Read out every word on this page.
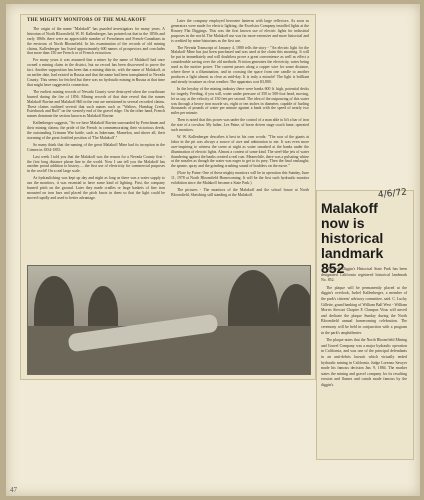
THE MIGHTY MONITORS OF THE MALAKOFF

The origin of the name "Malakoff" has puzzled investigators for many years. A historian of North Bloomfield, W. H. Kallenberger, has pointed out that in the 1850s and early 1860s there were an appreciable number of Frenchmen and French-Canadians in the environs of North Bloomfield. In his examination of the records of old mining claims, Kallenberger has listed approximately 600 names of prospectors and concludes that more than 150 are French or of French extraction.

For many years it was assumed that a miner by the name of Malakoff had once owned a mining claim in the district, but no record has been discovered to prove the fact. Another supposition has been that a mining district, with the name of Malakoff, at an earlier date, had existed in Russia and that the name had been transplanted to Nevada County. This seems far fetched but there was no hydraulic mining in Russia at that time that might have suggested a connection.

The earliest mining records of Nevada County were destroyed when the courthouse burned during the fire of 1856. Mining records of that date reveal that the names Malakoff Ravine and Malakoff Hill in the east are mentioned in several recorded claims. These claims outlined several that such names such as "Walters, Humbug Creek, Esterbrook and Ruff" on the westerly end of the gravel ridge. On the other hand, French names dominate the section known as Malakoff Ravine.

Kallenberger suggests, "So we have Malakoff Ravine surrounded by Frenchmen and their mining claims; the pride of the French in commemorating their victorious deeds, the outstanding Crimean War battle, such as Inkerman, Mamelon, and above all, their storming of the great fortified position of 'The Malakoff'."

So many think that the naming of the great Malakoff Mine had its inception in the Crimea in 1854-1855.

Last week I told you that the Malakoff was the reason for a Nevada County first - the first long distance phone line in the world. Now I can tell you the Malakoff has another proud addition to history......the first use of electricity for commercial purposes in the world! On a real large scale.

As hydraulicking was kept up day and night as long as there was a water supply to run the monitors, it was essential to have some kind of lighting. First, the company burned pitch on the ground. Later they made cradles or large baskets of fine iron mounted on iron bars and placed the pitch knots in them so that the light could be moved rapidly and used to better advantage.

Later the company employed kerosene lanterns with large reflectors. As soon as generators were made for electric lighting, the Excelsior Company installed lights at the Rosney Flat Diggings. This was the first known use of electric lights for industrial purposes in the world. The Malakoff use was far more extensive and more historical and is credited by mine historians as the first use.

The Nevada Transcript of January 4, 1880 tells the story - "An electric light for the Malakoff Mine has just been purchased and was used at the claim this morning. It will be put in immediately and will doubtless prove a great convenience as well as effect a considerable saving over the old methods. Friction generates the electricity, water being used as the motive power. The current passes along a copper wire for some distance, where there is a illumination, and in crossing the space from one candle to another produces a light almost as clear as mid-day. It is truly a miracle! The light is brilliant and steady in nature as clear weather. The apparatus cost $3,800.

In the heyday of the mining industry there were banks 600 ft. high, potential decks for tragedy. Feeding, if you will, water under pressure of 350 to 500-foot head, moving, let us say, at the velocity of 150 feet per second. The idea of the outpouring of this water was through a heavy iron nozzle six, eight or ten inches in diameter, capable of hurling thousands of pounds of water per minute against a bank with the speed of nearly two miles per minute.

Then is noted that this power was under the control of a man able to lift a bar of iron the size of a crowbar. My father, Les Paine, of horse driven stage coach fame, operated such monitors.

W. W. Kallenberger describes it best in his own words: "The roar of the giants at labor in the pit was always a source of awe and admiration to me. It was even more awe-inspiring to witness the scene at night as water smashed at the banks under the illumination of electric lights. Almost a contest of some kind. The steel-like jets of water thundering against the banks created a real roar. Meanwhile, there was a pulsating whine at the nozzles as though the water was eager to get to its prey. Then the final onslaught; the spume, spray and the grinding crushing sound of boulders on the move."

(Note by Paine: One of these mighty monitors will be in operation this Sunday, June 11, 1978 at North Bloomfield Homecoming. It will be the first such hydraulic monitor exhibition since the Malakoff became a State Park.)

The pictures - The monitors of the Malakoff and the school house at North Bloomfield, Sketching still standing at the Malakoff.	4/6/72
Malakoff now is historical landmark 852

Malakoff Diggin's Historical State Park has been designated California registered historical landmark No. 852.

The plaque will be permanently placed at the diggin's overlook, Isobel Kallenberger, a member of the park's citizens' advisory committee, said. C. Lucky Gillette, grand banking of William Ball West - William Morris Stewart Chapter E Clampus Vitus will unveil and dedicate the plaque Sunday during the North Bloomfield annual homecoming celebration. The ceremony will be held in conjunction with a program in the park's amphitheater.

The plaque notes that the North Bloomfield Mining and Gravel Company was a major hydraulic operation in California, and was one of the principal defendants in an anti-debris lawsuit which virtually ended hydraulic mining in California. Judge Lorenzo Sawyer made his famous decision Jan. 9, 1884. The marker states the mining and gravel company for its resulting erosion and flumes and canals made famous by the diggin's.

47
